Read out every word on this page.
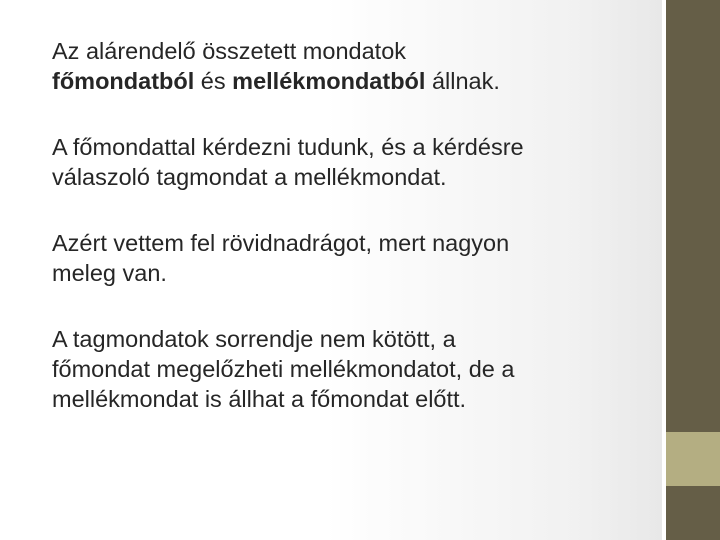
Az alárendelő összetett mondatok
főmondatból és mellékmondatból állnak.

A főmondattal kérdezni tudunk, és a kérdésre
válaszoló tagmondat a mellékmondat.

Azért vettem fel rövidnadrágot, mert nagyon
meleg van.

A tagmondatok sorrendje nem kötött, a
főmondat megelőzheti mellékmondatot, de a
mellékmondat is állhat a főmondat előtt.
